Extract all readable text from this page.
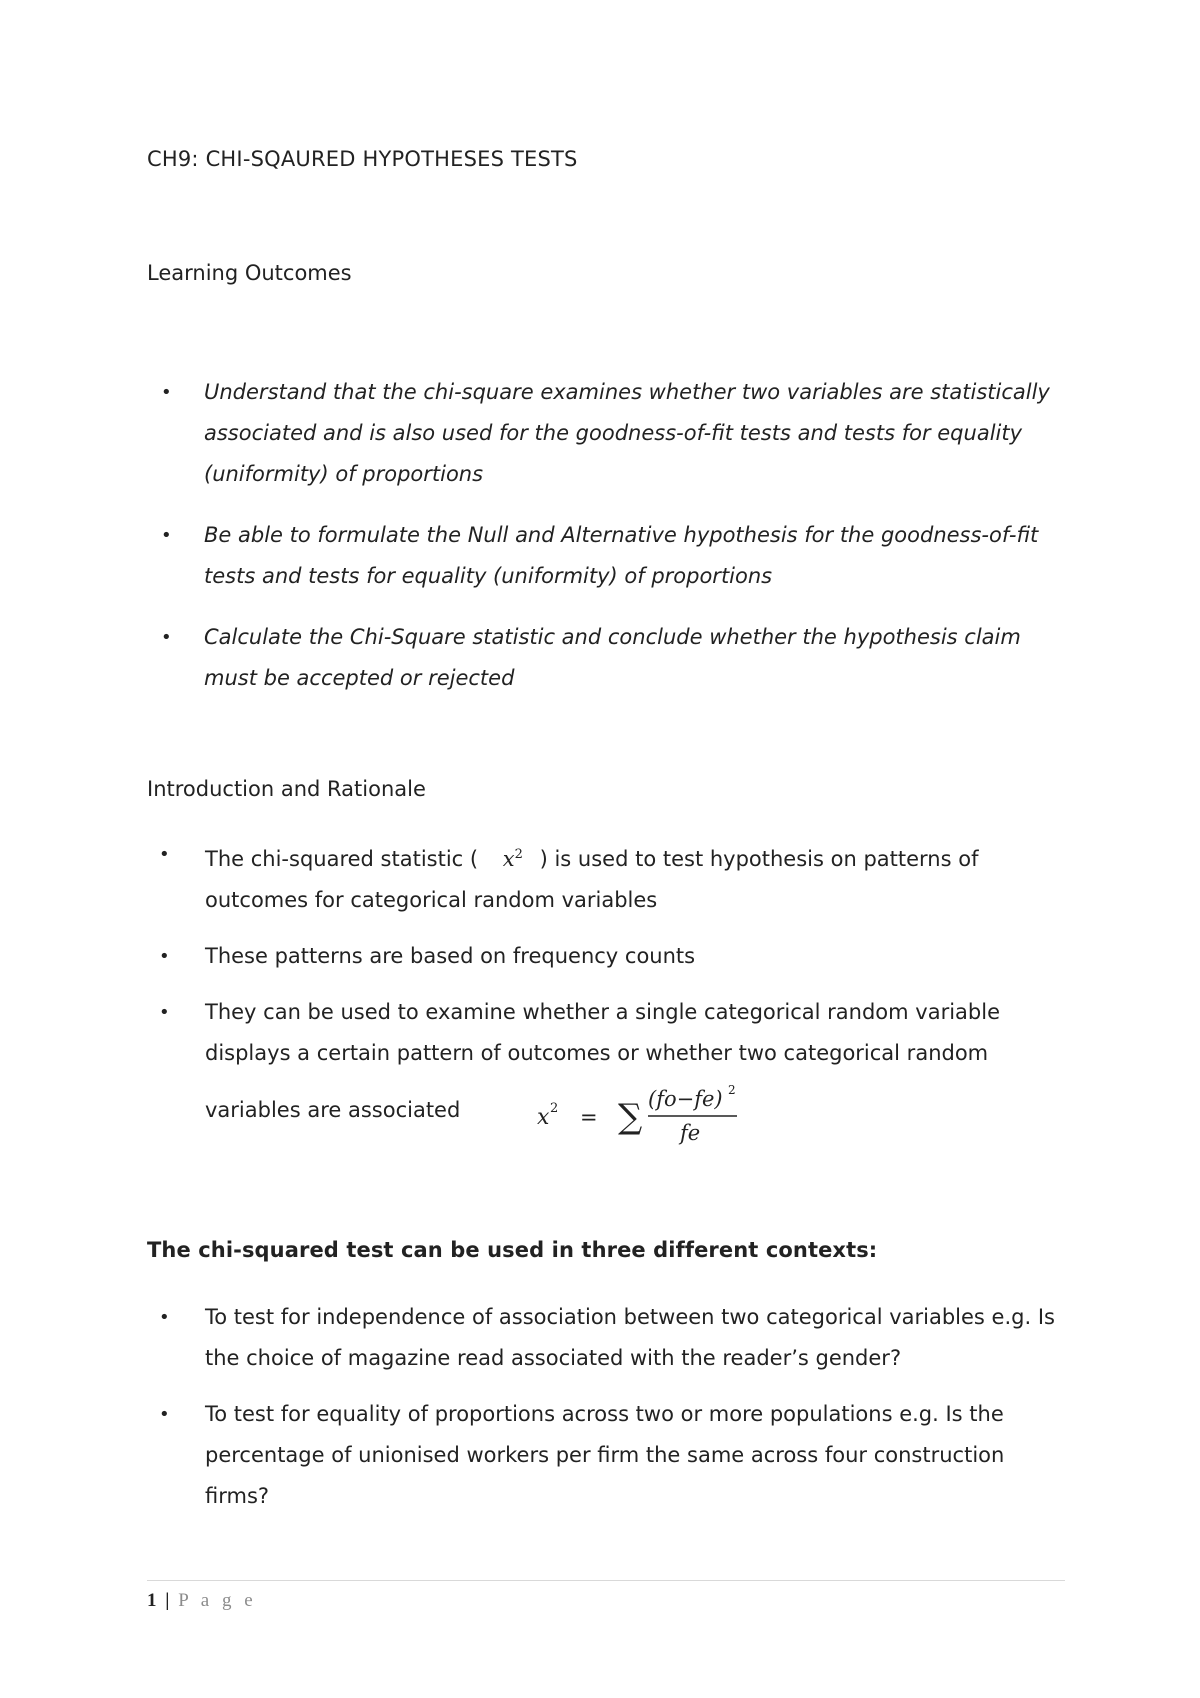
CH9: CHI-SQAURED HYPOTHESES TESTS
Learning Outcomes
• Understand that the chi-square examines whether two variables are statistically associated and is also used for the goodness-of-fit tests and tests for equality (uniformity) of proportions
• Be able to formulate the Null and Alternative hypothesis for the goodness-of-fit tests and tests for equality (uniformity) of proportions
• Calculate the Chi-Square statistic and conclude whether the hypothesis claim must be accepted or rejected
Introduction and Rationale
• The chi-squared statistic ( $x^2$ ) is used to test hypothesis on patterns of outcomes for categorical random variables
• These patterns are based on frequency counts
• They can be used to examine whether a single categorical random variable displays a certain pattern of outcomes or whether two categorical random
variables are associated	x 2 = ∑ (fo−fe) 2
fe
The chi-squared test can be used in three different contexts:
• To test for independence of association between two categorical variables e.g. Is the choice of magazine read associated with the reader’s gender?
• To test for equality of proportions across two or more populations e.g. Is the percentage of unionised workers per firm the same across four construction firms?
1 | P a g e
